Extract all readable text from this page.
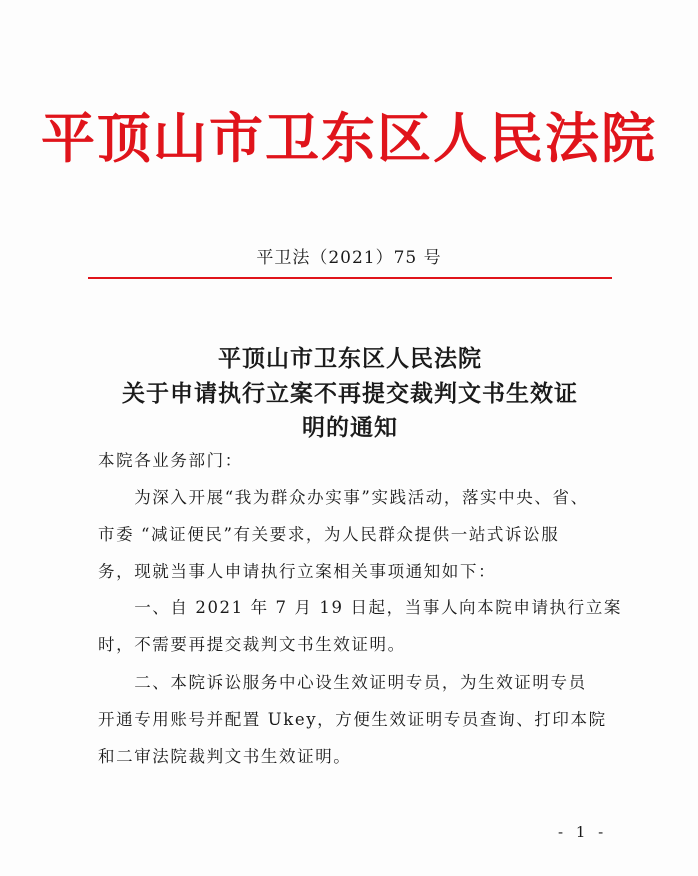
平顶山市卫东区人民法院
平卫法（2021）75 号
平顶山市卫东区人民法院
关于申请执行立案不再提交裁判文书生效证
明的通知
本院各业务部门：
　　为深入开展“我为群众办实事”实践活动，落实中央、省、
市委 “减证便民”有关要求，为人民群众提供一站式诉讼服
务，现就当事人申请执行立案相关事项通知如下：
　　一、自 2021 年 7 月 19 日起，当事人向本院申请执行立案
时，不需要再提交裁判文书生效证明。
　　二、本院诉讼服务中心设生效证明专员，为生效证明专员
开通专用账号并配置 Ukey，方便生效证明专员查询、打印本院
和二审法院裁判文书生效证明。
- 1 -
